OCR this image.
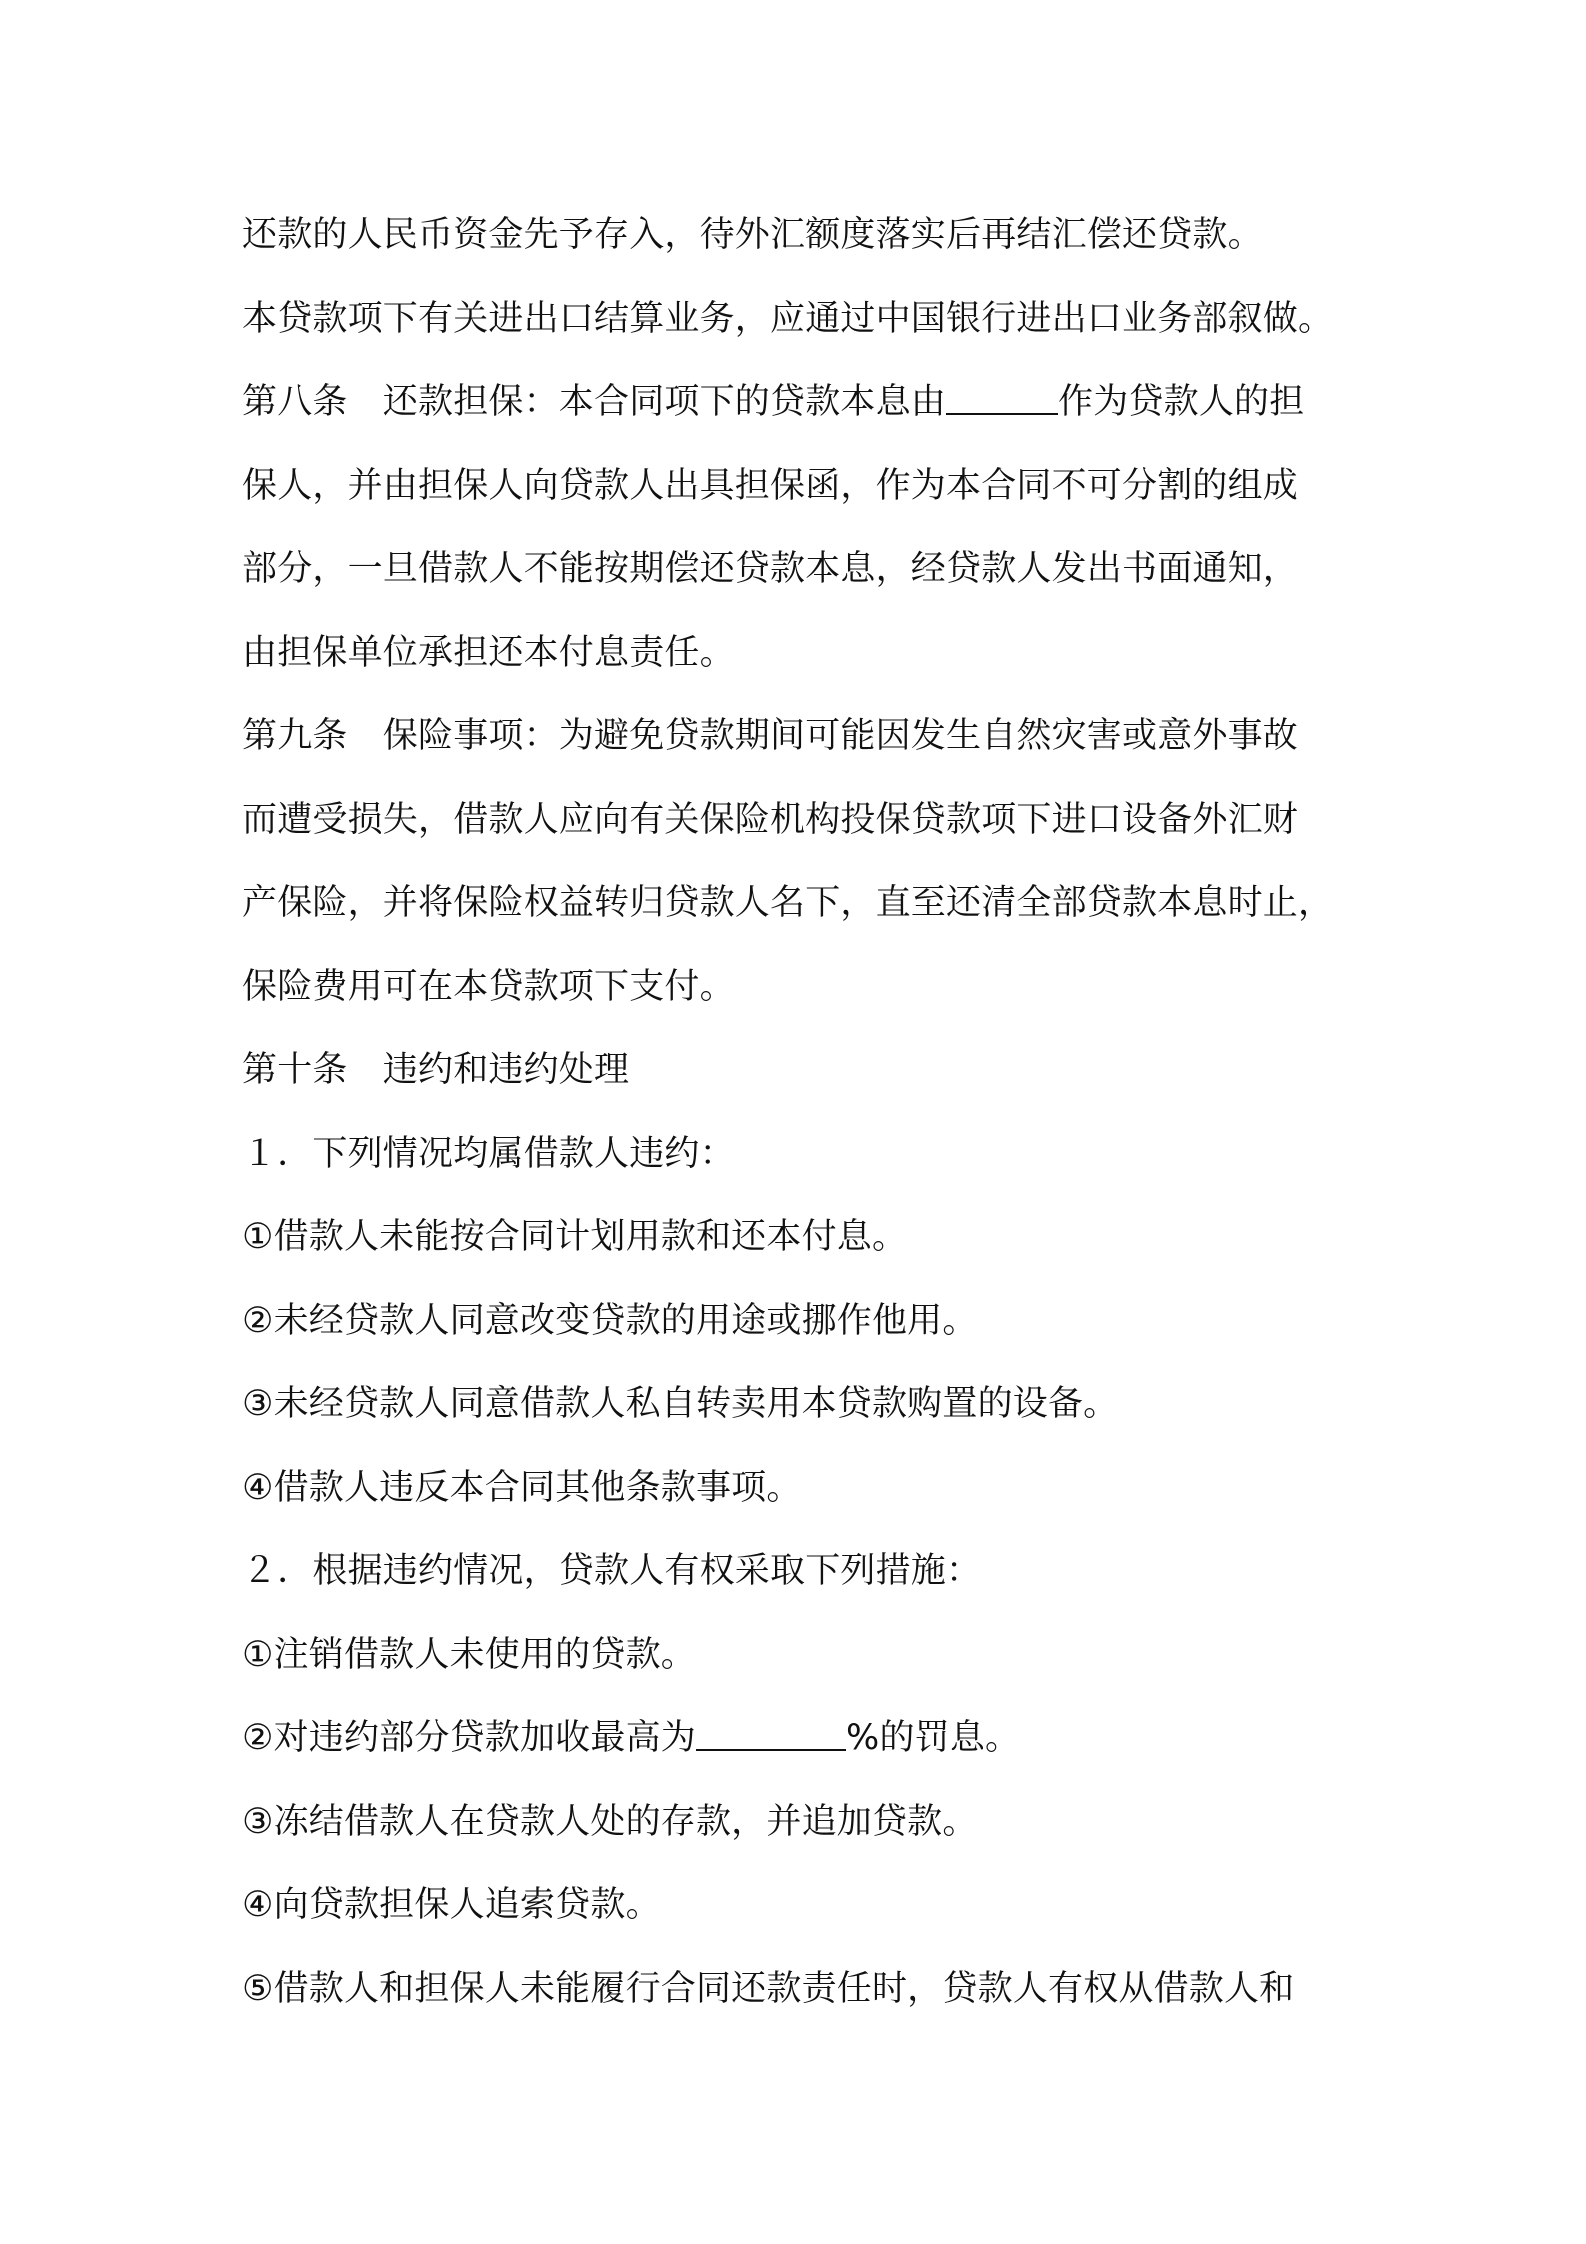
还款的人民币资金先予存入，待外汇额度落实后再结汇偿还贷款。
本贷款项下有关进出口结算业务，应通过中国银行进出口业务部叙做。
第八条　还款担保：本合同项下的贷款本息由	作为贷款人的担
保人，并由担保人向贷款人出具担保函，作为本合同不可分割的组成
部分，一旦借款人不能按期偿还贷款本息，经贷款人发出书面通知，
由担保单位承担还本付息责任。
第九条　保险事项：为避免贷款期间可能因发生自然灾害或意外事故
而遭受损失，借款人应向有关保险机构投保贷款项下进口设备外汇财
产保险，并将保险权益转归贷款人名下，直至还清全部贷款本息时止，
保险费用可在本贷款项下支付。
第十条　违约和违约处理
１．下列情况均属借款人违约：
①借款人未能按合同计划用款和还本付息。
②未经贷款人同意改变贷款的用途或挪作他用。
③未经贷款人同意借款人私自转卖用本贷款购置的设备。
④借款人违反本合同其他条款事项。
２．根据违约情况，贷款人有权采取下列措施：
①注销借款人未使用的贷款。
②对违约部分贷款加收最高为	%的罚息。
③冻结借款人在贷款人处的存款，并追加贷款。
④向贷款担保人追索贷款。
⑤借款人和担保人未能履行合同还款责任时，贷款人有权从借款人和
